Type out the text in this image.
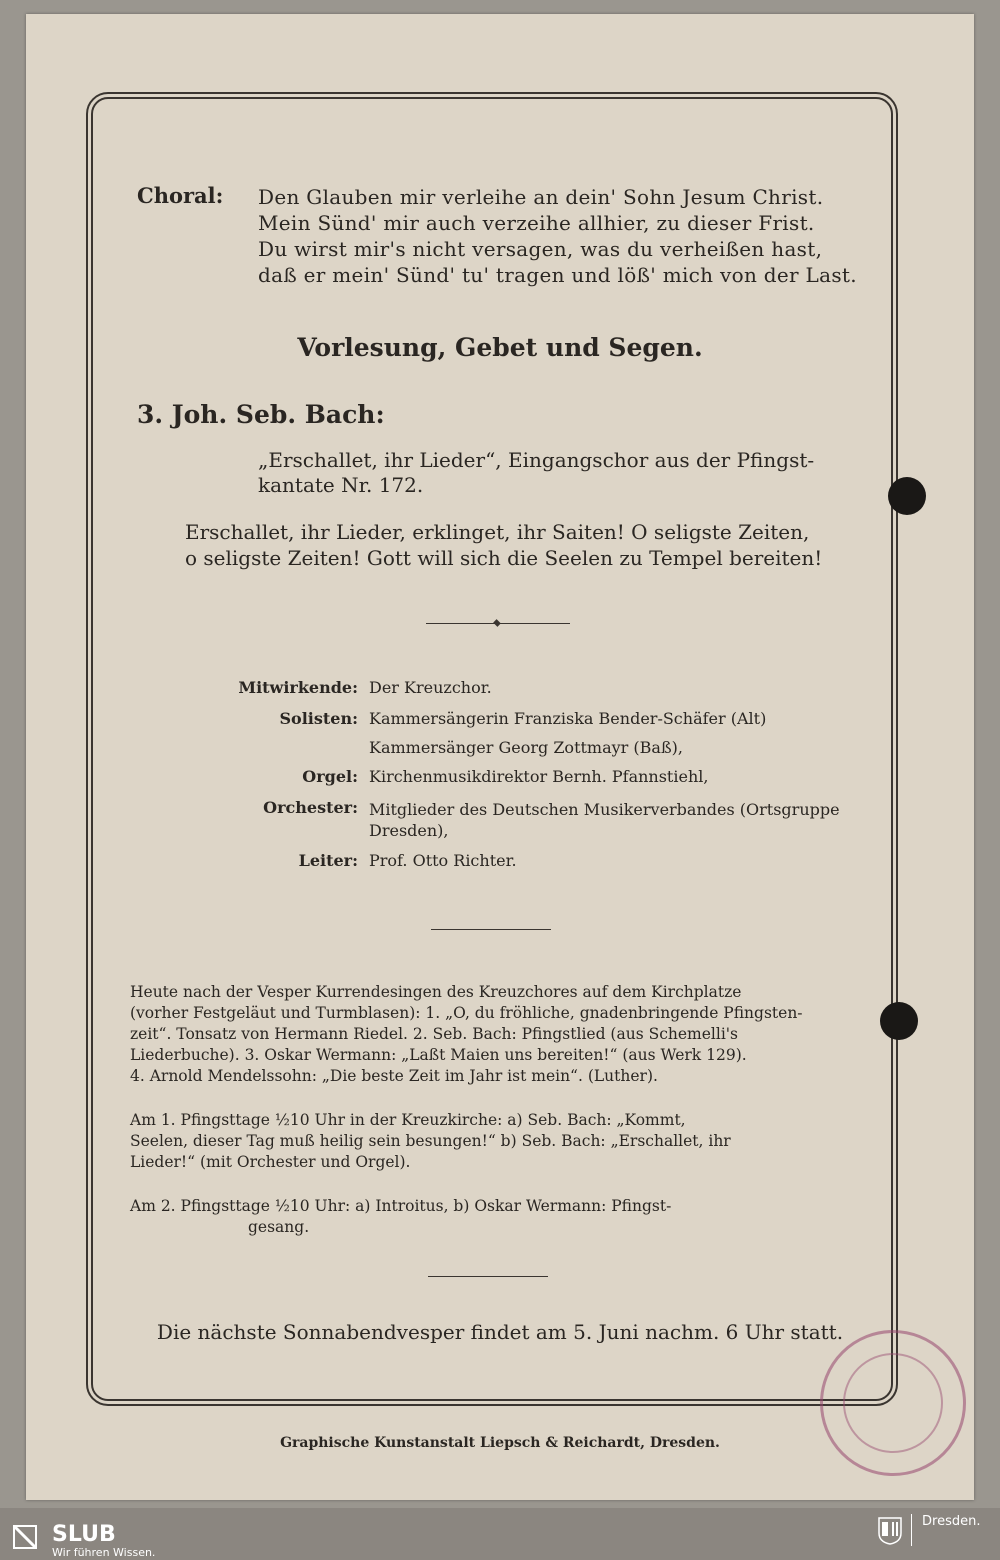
Choral: Den Glauben mir verleihe an dein' Sohn Jesum Christ.
Mein Sünd' mir auch verzeihe allhier, zu dieser Frist.
Du wirst mir's nicht versagen, was du verheißen hast,
daß er mein' Sünd' tu' tragen und löß' mich von der Last.
Vorlesung, Gebet und Segen.
3. Joh. Seb. Bach:
„Erschallet, ihr Lieder“, Eingangschor aus der Pfingst-
kantate Nr. 172.
Erschallet, ihr Lieder, erklinget, ihr Saiten! O seligste Zeiten,
o seligste Zeiten! Gott will sich die Seelen zu Tempel bereiten!
Mitwirkende: Der Kreuzchor.
Solisten: Kammersängerin Franziska Bender-Schäfer (Alt)
Kammersänger Georg Zottmayr (Baß),
Orgel: Kirchenmusikdirektor Bernh. Pfannstiehl,
Orchester: Mitglieder des Deutschen Musikerverbandes (Ortsgruppe
Dresden),
Leiter: Prof. Otto Richter.
Heute nach der Vesper Kurrendesingen des Kreuzchores auf dem Kirchplatze
(vorher Festgeläut und Turmblasen): 1. „O, du fröhliche, gnadenbringende Pfingsten-
zeit“. Tonsatz von Hermann Riedel. 2. Seb. Bach: Pfingstlied (aus Schemelli's
Liederbuche). 3. Oskar Wermann: „Laßt Maien uns bereiten!“ (aus Werk 129).
4. Arnold Mendelssohn: „Die beste Zeit im Jahr ist mein“. (Luther).
Am 1. Pfingsttage ½10 Uhr in der Kreuzkirche: a) Seb. Bach: „Kommt,
Seelen, dieser Tag muß heilig sein besungen!“ b) Seb. Bach: „Erschallet, ihr
Lieder!“ (mit Orchester und Orgel).
Am 2. Pfingsttage ½10 Uhr: a) Introitus, b) Oskar Wermann: Pfingst-
gesang.
Die nächste Sonnabendvesper findet am 5. Juni nachm. 6 Uhr statt.
Graphische Kunstanstalt Liepsch & Reichardt, Dresden.
SLUB
Wir führen Wissen.
Dresden.
